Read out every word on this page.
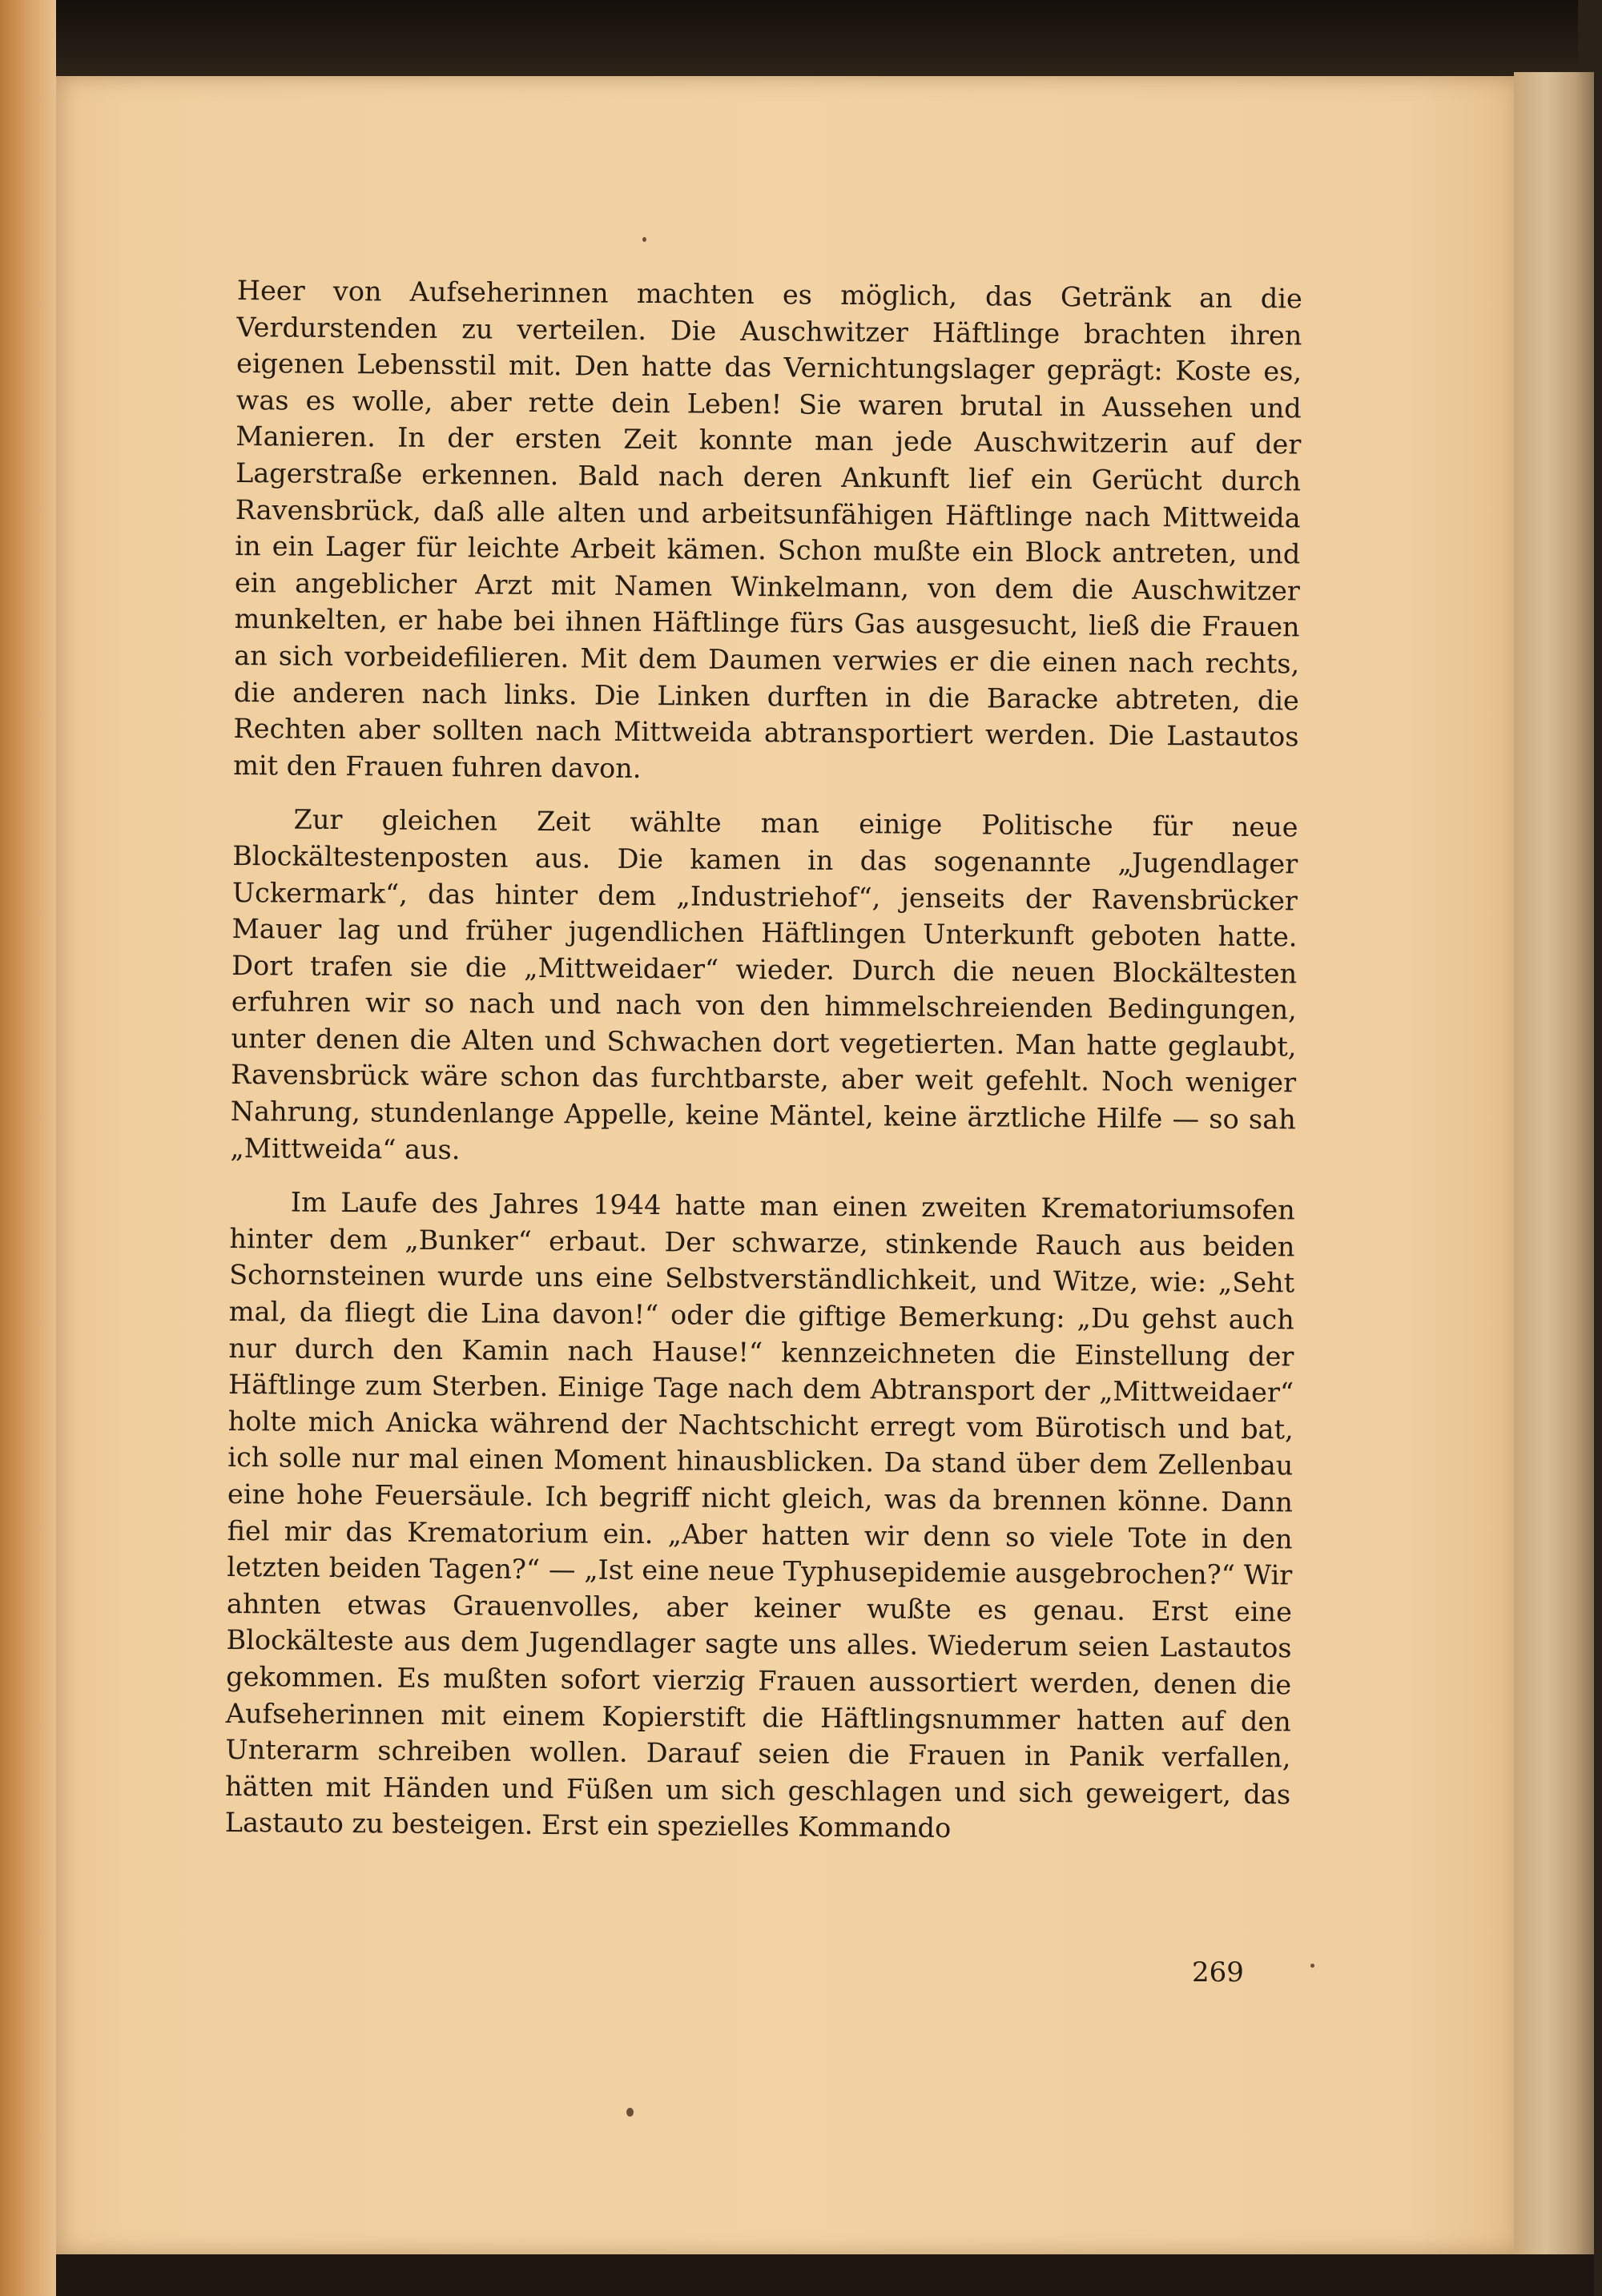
Heer von Aufseherinnen machten es möglich, das Getränk an die Verdurstenden zu verteilen. Die Auschwitzer Häftlinge brachten ihren eigenen Lebensstil mit. Den hatte das Vernichtungslager geprägt: Koste es, was es wolle, aber rette dein Leben! Sie waren brutal in Aussehen und Manieren. In der ersten Zeit konnte man jede Auschwitzerin auf der Lagerstraße erkennen. Bald nach deren Ankunft lief ein Gerücht durch Ravensbrück, daß alle alten und arbeitsunfähigen Häftlinge nach Mittweida in ein Lager für leichte Arbeit kämen. Schon mußte ein Block antreten, und ein angeblicher Arzt mit Namen Winkelmann, von dem die Auschwitzer munkelten, er habe bei ihnen Häftlinge fürs Gas ausgesucht, ließ die Frauen an sich vorbeidefilieren. Mit dem Daumen verwies er die einen nach rechts, die anderen nach links. Die Linken durften in die Baracke abtreten, die Rechten aber sollten nach Mittweida abtransportiert werden. Die Lastautos mit den Frauen fuhren davon.

Zur gleichen Zeit wählte man einige Politische für neue Blockältestenposten aus. Die kamen in das sogenannte „Jugendlager Uckermark“, das hinter dem „Industriehof“, jenseits der Ravensbrücker Mauer lag und früher jugendlichen Häftlingen Unterkunft geboten hatte. Dort trafen sie die „Mittweidaer“ wieder. Durch die neuen Blockältesten erfuhren wir so nach und nach von den himmelschreienden Bedingungen, unter denen die Alten und Schwachen dort vegetierten. Man hatte geglaubt, Ravensbrück wäre schon das furchtbarste, aber weit gefehlt. Noch weniger Nahrung, stundenlange Appelle, keine Mäntel, keine ärztliche Hilfe — so sah „Mittweida“ aus.

Im Laufe des Jahres 1944 hatte man einen zweiten Krematoriumsofen hinter dem „Bunker“ erbaut. Der schwarze, stinkende Rauch aus beiden Schornsteinen wurde uns eine Selbstverständlichkeit, und Witze, wie: „Seht mal, da fliegt die Lina davon!“ oder die giftige Bemerkung: „Du gehst auch nur durch den Kamin nach Hause!“ kennzeichneten die Einstellung der Häftlinge zum Sterben. Einige Tage nach dem Abtransport der „Mittweidaer“ holte mich Anicka während der Nachtschicht erregt vom Bürotisch und bat, ich solle nur mal einen Moment hinausblicken. Da stand über dem Zellenbau eine hohe Feuersäule. Ich begriff nicht gleich, was da brennen könne. Dann fiel mir das Krematorium ein. „Aber hatten wir denn so viele Tote in den letzten beiden Tagen?“ — „Ist eine neue Typhusepidemie ausgebrochen?“ Wir ahnten etwas Grauenvolles, aber keiner wußte es genau. Erst eine Blockälteste aus dem Jugendlager sagte uns alles. Wiederum seien Lastautos gekommen. Es mußten sofort vierzig Frauen aussortiert werden, denen die Aufseherinnen mit einem Kopierstift die Häftlingsnummer hatten auf den Unterarm schreiben wollen. Darauf seien die Frauen in Panik verfallen, hätten mit Händen und Füßen um sich geschlagen und sich geweigert, das Lastauto zu besteigen. Erst ein spezielles Kommando

269
